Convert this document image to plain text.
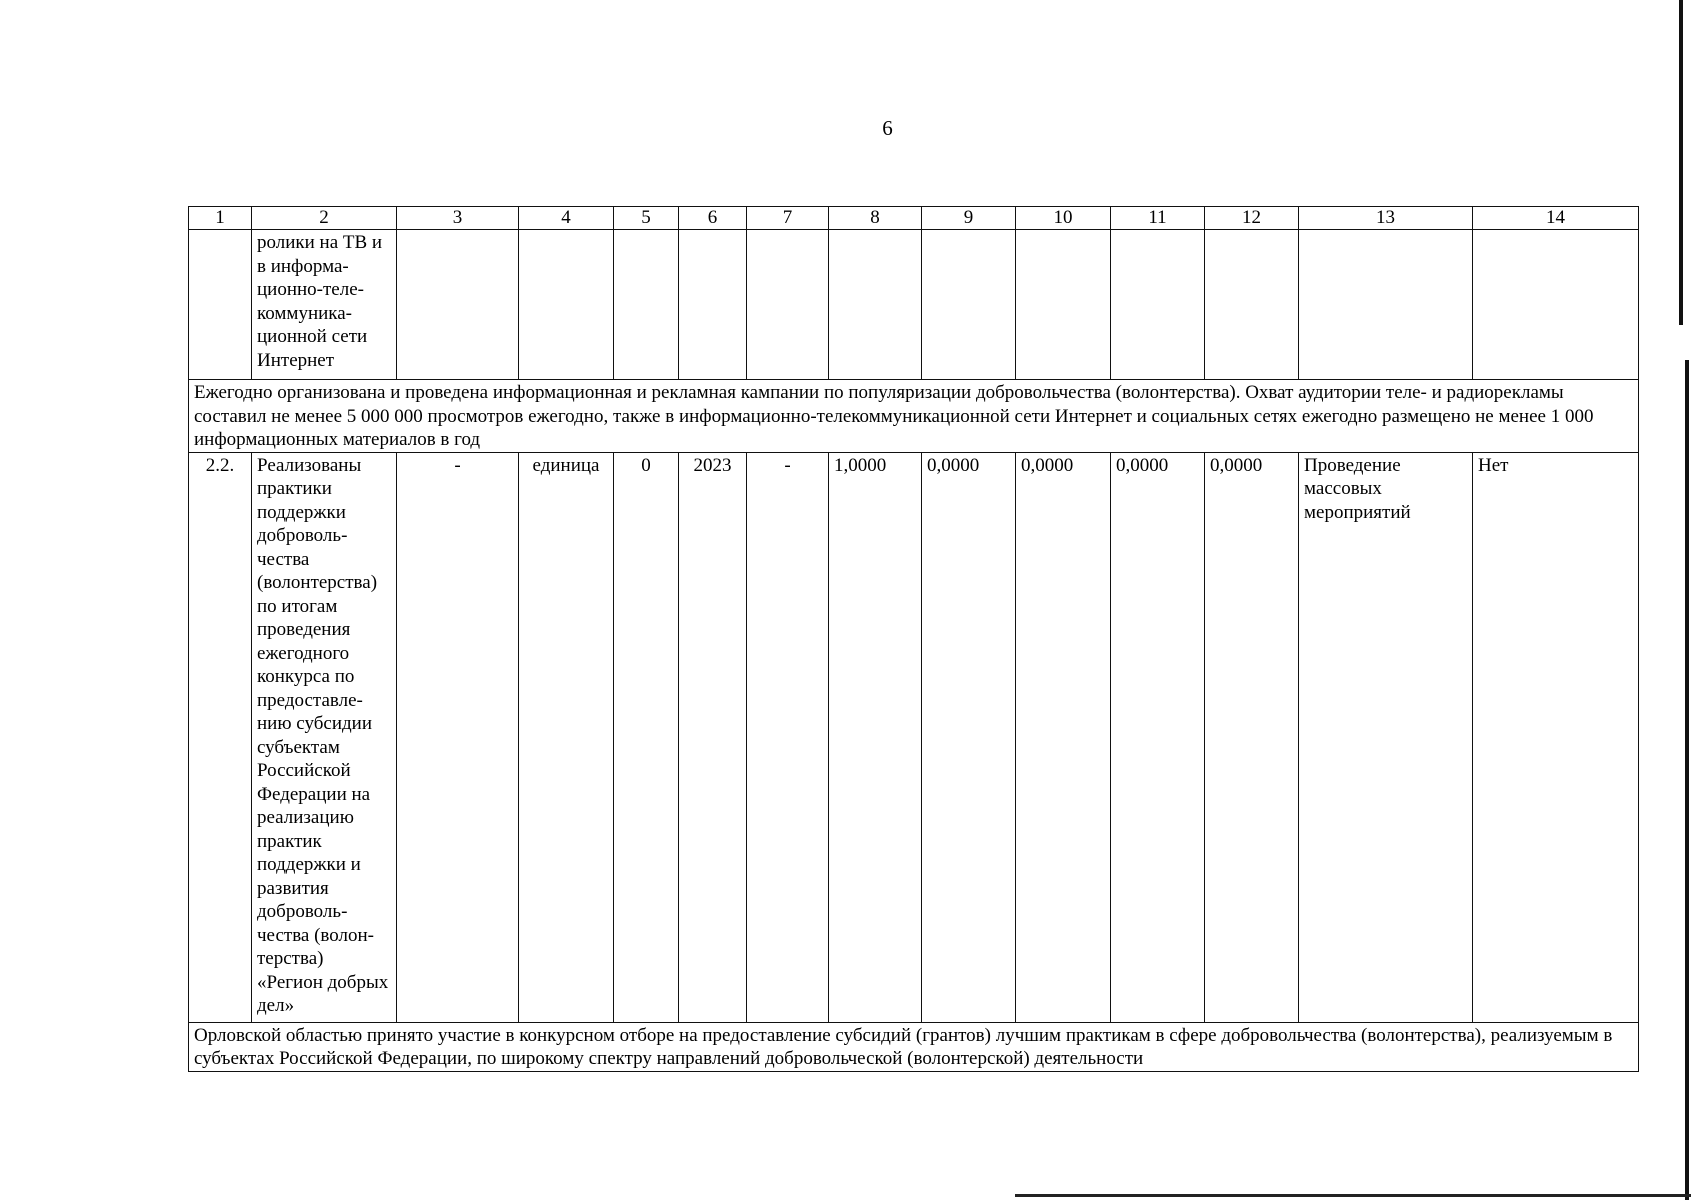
6
1	2	3	4	5	6	7	8	9	10	11	12	13	14
	ролики на ТВ и в информа-ционно-теле-коммуника-ционной сети Интернет												
Ежегодно организована и проведена информационная и рекламная кампании по популяризации добровольчества (волонтерства). Охват аудитории теле- и радиорекламы составил не менее 5 000 000 просмотров ежегодно, также в информационно-телекоммуникационной сети Интернет и социальных сетях ежегодно размещено не менее 1 000 информационных материалов в год													
2.2.	Реализованы практики поддержки доброволь-чества (волонтерства) по итогам проведения ежегодного конкурса по предоставле-нию субсидии субъектам Российской Федерации на реализацию практик поддержки и развития доброволь-чества (волон-терства) «Регион добрых дел»	-	единица	0	2023	-	1,0000	0,0000	0,0000	0,0000	0,0000	Проведение массовых мероприятий	Нет
Орловской областью принято участие в конкурсном отборе на предоставление субсидий (грантов) лучшим практикам в сфере добровольчества (волонтерства), реализуемым в субъектах Российской Федерации, по широкому спектру направлений добровольческой (волонтерской) деятельности													
